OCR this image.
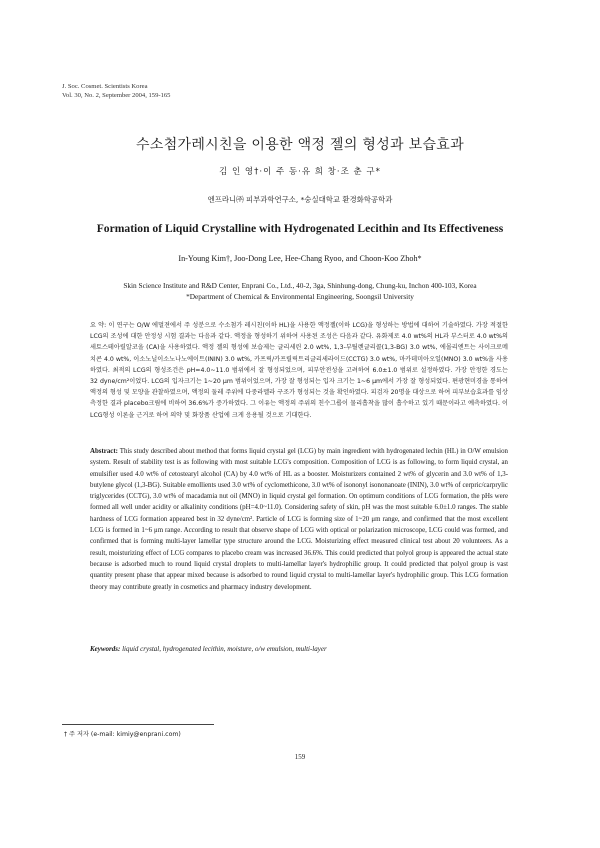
J. Soc. Cosmet. Scientists Korea
Vol. 30, No. 2, September 2004, 159-165
수소첨가레시친을 이용한 액정 젤의 형성과 보습효과
김 인 영†·이 주 동·유 희 창·조 춘 구*
엔프라니㈜ 피부과학연구소, *숭실대학교 환경화학공학과
Formation of Liquid Crystalline with Hydrogenated Lecithin and Its Effectiveness
In-Young Kim†, Joo-Dong Lee, Hee-Chang Ryoo, and Choon-Koo Zhoh*
Skin Science Institute and R&D Center, Enprani Co., Ltd., 40-2, 3ga, Shinhung-dong, Chung-ku, Inchon 400-103, Korea
*Department of Chemical & Environmental Engineering, Soongsil University
요 약: 이 연구는 O/W 에멀젼에서 주 성분으로 수소첨가 레시친(이하 HL)을 사용한 액정젤(이하 LCG)을 형성하는 방법에 대하여 기술하였다. 가장 적절한 LCG의 조성에 대한 안정성 시험 결과는 다음과 같다. 액정을 형성하기 위하여 사용된 조성은 다음과 같다. 유화제로 4.0 wt%의 HL과 부스터로 4.0 wt%의 세토스테아릴알코올 (CA)을 사용하였다. 액정 젤의 형성에 보습제는 글리세린 2.0 wt%, 1,3-부틸렌글리콜(1,3-BG) 3.0 wt%, 에몰리엔트는 사이크로메치콘 4.0 wt%, 이소노닐이소노나노에이트(ININ) 3.0 wt%, 카프릭/카프릴릭트리글리세라이드(CCTG) 3.0 wt%, 마카데미아오일(MNO) 3.0 wt%을 사용하였다. 최적의 LCG의 형성조건은 pH=4.0~11.0 범위에서 잘 형성되었으며, 피부안전성을 고려하여 6.0±1.0 범위로 설정하였다. 가장 안정한 경도는 32 dyne/cm²이었다. LCG의 입자크기는 1~20 μm 범위이었으며, 가장 잘 형성되는 입자 크기는 1~6 μm에서 가장 잘 형성되었다. 편광현미경을 통하여 액정의 형성 및 모양을 관찰하였으며, 액정의 둘레 주위에 다중라멜라 구조가 형성되는 것을 확인하였다. 피검자 20명을 대상으로 하여 피부보습효과를 임상측정한 결과 placebo크림에 비하여 36.6%가 증가하였다. 그 이유는 액정의 주위의 친수그룹이 물리흡착을 많이 흡수하고 있기 때문이라고 예측하였다. 이 LCG형성 이론을 근거로 하여 의약 및 화장품 산업에 크게 응용될 것으로 기대한다.
Abstract: This study described about method that forms liquid crystal gel (LCG) by main ingredient with hydrogenated lechin (HL) in O/W emulsion system. Result of stability test is as following with most suitable LCG's composition. Composition of LCG is as following, to form liquid crystal, an emulsifier used 4.0 wt% of cetostearyl alcohol (CA) by 4.0 wt% of HL as a booster. Moisturizers contained 2 wt% of glycerin and 3.0 wt% of 1,3-butylene glycol (1,3-BG). Suitable emollients used 3.0 wt% of cyclomethicone, 3.0 wt% of isononyl isononanoate (ININ), 3.0 wt% of cerpric/carprylic triglycerides (CCTG), 3.0 wt% of macadamia nut oil (MNO) in liquid crystal gel formation. On optimum conditions of LCG formation, the pHs were formed all well under acidity or alkalinity conditions (pH=4.0~11.0). Considering safety of skin, pH was the most suitable 6.0±1.0 ranges. The stable hardness of LCG formation appeared best in 32 dyne/cm². Particle of LCG is forming size of 1~20 μm range, and confirmed that the most excellent LCG is formed in 1~6 μm range. According to result that observe shape of LCG with optical or polarization microscope, LCG could was formed, and confirmed that is forming multi-layer lamellar type structure around the LCG. Moisturizing effect measured clinical test about 20 volunteers. As a result, moisturizing effect of LCG compares to placebo cream was increased 36.6%. This could predicted that polyol group is appeared the actual state because is adsorbed much to round liquid crystal droplets to multi-lamellar layer's hydrophilic group. It could predicted that polyol group is vast quantity present phase that appear mixed because is adsorbed to round liquid crystal to multi-lamellar layer's hydrophilic group. This LCG formation theory may contribute greatly in cosmetics and pharmacy industry development.
Keywords: liquid crystal, hydrogenated lecithin, moisture, o/w emulsion, multi-layer
† 주 저자 (e-mail: kimiy@enprani.com)
159
